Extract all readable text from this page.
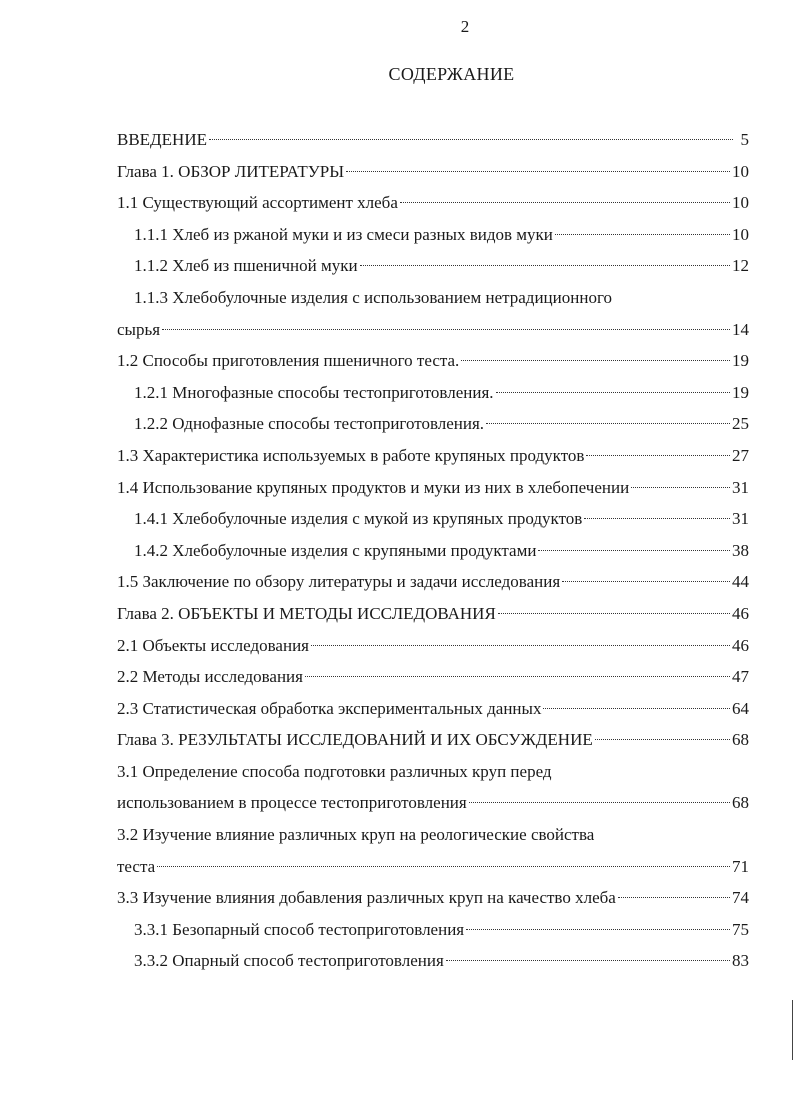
2
СОДЕРЖАНИЕ
ВВЕДЕНИЕ	5
Глава 1. ОБЗОР ЛИТЕРАТУРЫ	10
1.1 Существующий ассортимент хлеба	10
1.1.1 Хлеб из ржаной муки и из смеси разных видов муки	10
1.1.2 Хлеб из пшеничной муки	12
1.1.3 Хлебобулочные изделия с использованием нетрадиционного
сырья	14
1.2 Способы приготовления пшеничного теста.	19
1.2.1 Многофазные способы тестоприготовления.	19
1.2.2 Однофазные способы тестоприготовления.	25
1.3 Характеристика используемых в работе крупяных продуктов	27
1.4 Использование крупяных продуктов и муки из них в хлебопечении	31
1.4.1 Хлебобулочные изделия с мукой из крупяных продуктов	31
1.4.2 Хлебобулочные изделия с крупяными продуктами	38
1.5 Заключение по обзору литературы и задачи исследования	44
Глава 2. ОБЪЕКТЫ И МЕТОДЫ ИССЛЕДОВАНИЯ	46
2.1 Объекты исследования	46
2.2 Методы исследования	47
2.3 Статистическая обработка экспериментальных данных	64
Глава 3. РЕЗУЛЬТАТЫ ИССЛЕДОВАНИЙ И ИХ ОБСУЖДЕНИЕ	68
3.1 Определение способа подготовки различных круп перед
использованием в процессе тестоприготовления	68
3.2 Изучение влияние различных круп на реологические свойства
теста	71
3.3 Изучение влияния добавления различных круп на качество хлеба	74
3.3.1 Безопарный способ тестоприготовления	75
3.3.2 Опарный способ тестоприготовления	83
